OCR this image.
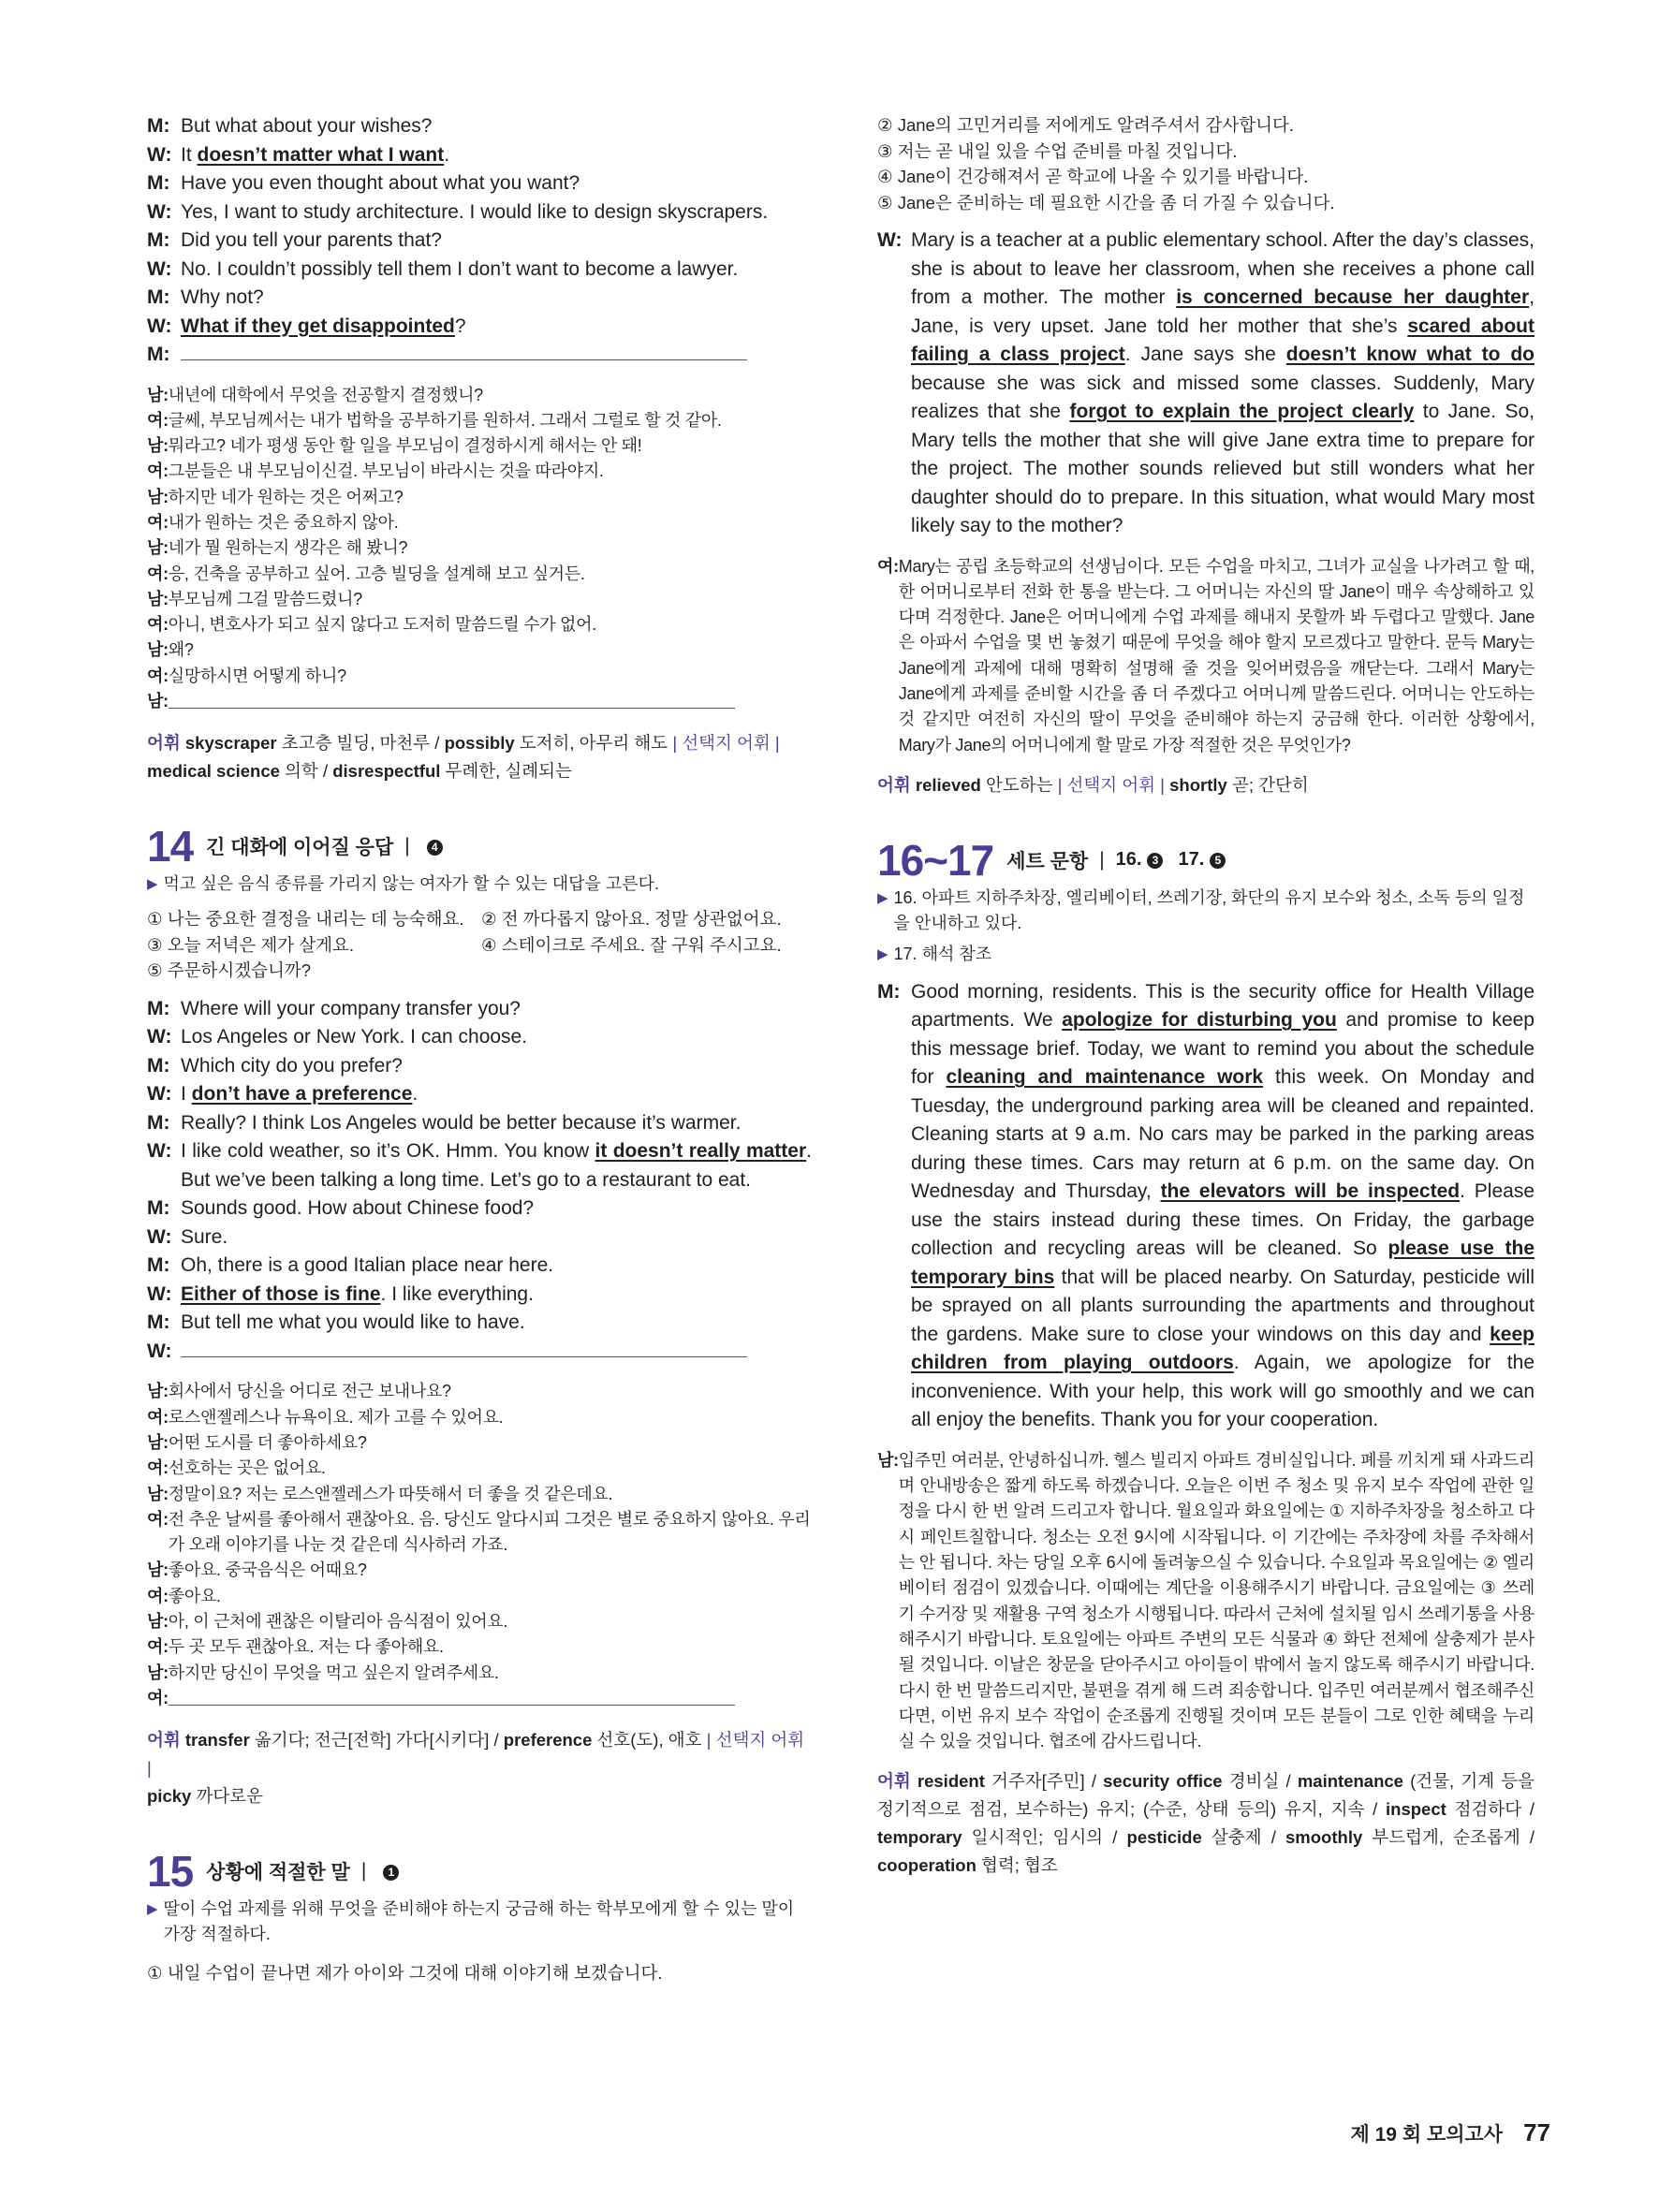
M: But what about your wishes?
W: It doesn’t matter what I want.
M: Have you even thought about what you want?
W: Yes, I want to study architecture. I would like to design skyscrapers.
M: Did you tell your parents that?
W: No. I couldn’t possibly tell them I don’t want to become a lawyer.
M: Why not?
W: What if they get disappointed?
M:
남: 내년에 대학에서 무엇을 전공할지 결정했니?
여: 글쎄, 부모님께서는 내가 법학을 공부하기를 원하셔. 그래서 그럴로 할 것 같아.
남: 뭐라고? 네가 평생 동안 할 일을 부모님이 결정하시게 해서는 안 돼!
여: 그분들은 내 부모님이신걸. 부모님이 바라시는 것을 따라야지.
남: 하지만 네가 원하는 것은 어쩌고?
여: 내가 원하는 것은 중요하지 않아.
남: 네가 뭘 원하는지 생각은 해 봤니?
여: 응, 건축을 공부하고 싶어. 고층 빌딩을 설계해 보고 싶거든.
남: 부모님께 그걸 말씀드렸니?
여: 아니, 변호사가 되고 싶지 않다고 도저히 말씀드릴 수가 없어.
남: 왜?
여: 실망하시면 어떻게 하니?
남:
어휘 skyscraper 초고층 빌딩, 마천루 / possibly 도저히, 아무리 해도 | 선택지 어휘 |
medical science 의학 / disrespectful 무례한, 실례되는
14 긴 대화에 이어질 응답 |	4
▶ 먹고 싶은 음식 종류를 가리지 않는 여자가 할 수 있는 대답을 고른다.
① 나는 중요한 결정을 내리는 데 능숙해요. ② 전 까다롭지 않아요. 정말 상관없어요.
③ 오늘 저녁은 제가 살게요.	④ 스테이크로 주세요. 잘 구워 주시고요.
⑤ 주문하시겠습니까?
M: Where will your company transfer you?
W: Los Angeles or New York. I can choose.
M: Which city do you prefer?
W: I don’t have a preference.
M: Really? I think Los Angeles would be better because it’s warmer.
W: I like cold weather, so it’s OK. Hmm. You know it doesn’t really matter. But we’ve been talking a long time. Let’s go to a restaurant to eat.
M: Sounds good. How about Chinese food?
W: Sure.
M: Oh, there is a good Italian place near here.
W: Either of those is fine. I like everything.
M: But tell me what you would like to have.
W:
남: 회사에서 당신을 어디로 전근 보내나요?
여: 로스앤젤레스나 뉴욕이요. 제가 고를 수 있어요.
남: 어떤 도시를 더 좋아하세요?
여: 선호하는 곳은 없어요.
남: 정말이요? 저는 로스앤젤레스가 따뜻해서 더 좋을 것 같은데요.
여: 전 추운 날씨를 좋아해서 괜찮아요. 음. 당신도 알다시피 그것은 별로 중요하지 않아요. 우리가 오래 이야기를 나눈 것 같은데 식사하러 가죠.
남: 좋아요. 중국음식은 어때요?
여: 좋아요.
남: 아, 이 근처에 괜찮은 이탈리아 음식점이 있어요.
여: 두 곳 모두 괜찮아요. 저는 다 좋아해요.
남: 하지만 당신이 무엇을 먹고 싶은지 알려주세요.
여:
어휘 transfer 옮기다; 전근[전학] 가다[시키다] / preference 선호(도), 애호 | 선택지 어휘 |
picky 까다로운
15 상황에 적절한 말 |	1
▶ 딸이 수업 과제를 위해 무엇을 준비해야 하는지 궁금해 하는 학부모에게 할 수 있는 말이 가장 적절하다.
① 내일 수업이 끝나면 제가 아이와 그것에 대해 이야기해 보겠습니다.
② Jane의 고민거리를 저에게도 알려주셔서 감사합니다.
③ 저는 곧 내일 있을 수업 준비를 마칠 것입니다.
④ Jane이 건강해져서 곧 학교에 나올 수 있기를 바랍니다.
⑤ Jane은 준비하는 데 필요한 시간을 좀 더 가질 수 있습니다.
W: Mary is a teacher at a public elementary school. After the day’s classes, she is about to leave her classroom, when she receives a phone call from a mother. The mother is concerned because her daughter, Jane, is very upset. Jane told her mother that she’s scared about failing a class project. Jane says she doesn’t know what to do because she was sick and missed some classes. Suddenly, Mary realizes that she forgot to explain the project clearly to Jane. So, Mary tells the mother that she will give Jane extra time to prepare for the project. The mother sounds relieved but still wonders what her daughter should do to prepare. In this situation, what would Mary most likely say to the mother?
여: Mary는 공립 초등학교의 선생님이다. 모든 수업을 마치고, 그녀가 교실을 나가려고 할 때, 한 어머니로부터 전화 한 통을 받는다. 그 어머니는 자신의 딸 Jane이 매우 속상해하고 있다며 걱정한다. Jane은 어머니에게 수업 과제를 해내지 못할까 봐 두렵다고 말했다. Jane은 아파서 수업을 몇 번 놓쳤기 때문에 무엇을 해야 할지 모르겠다고 말한다. 문득 Mary는 Jane에게 과제에 대해 명확히 설명해 줄 것을 잊어버렸음을 깨닫는다. 그래서 Mary는 Jane에게 과제를 준비할 시간을 좀 더 주겠다고 어머니께 말씀드린다. 어머니는 안도하는 것 같지만 여전히 자신의 딸이 무엇을 준비해야 하는지 궁금해 한다. 이러한 상황에서, Mary가 Jane의 어머니에게 할 말로 가장 적절한 것은 무엇인가?
어휘 relieved 안도하는 | 선택지 어휘 | shortly 곧; 간단히
16~17 세트 문항 | 16. 3 17. 5
▶ 16. 아파트 지하주차장, 엘리베이터, 쓰레기장, 화단의 유지 보수와 청소, 소독 등의 일정을 안내하고 있다.
▶ 17. 해석 참조
M: Good morning, residents. This is the security office for Health Village apartments. We apologize for disturbing you and promise to keep this message brief. Today, we want to remind you about the schedule for cleaning and maintenance work this week. On Monday and Tuesday, the underground parking area will be cleaned and repainted. Cleaning starts at 9 a.m. No cars may be parked in the parking areas during these times. Cars may return at 6 p.m. on the same day. On Wednesday and Thursday, the elevators will be inspected. Please use the stairs instead during these times. On Friday, the garbage collection and recycling areas will be cleaned. So please use the temporary bins that will be placed nearby. On Saturday, pesticide will be sprayed on all plants surrounding the apartments and throughout the gardens. Make sure to close your windows on this day and keep children from playing outdoors. Again, we apologize for the inconvenience. With your help, this work will go smoothly and we can all enjoy the benefits. Thank you for your cooperation.
남: 입주민 여러분, 안녕하십니까. 헬스 빌리지 아파트 경비실입니다. 폐를 끼치게 돼 사과드리며 안내방송은 짧게 하도록 하겠습니다. 오늘은 이번 주 청소 및 유지 보수 작업에 관한 일정을 다시 한 번 알려 드리고자 합니다. 월요일과 화요일에는 ① 지하주차장을 청소하고 다시 페인트칠합니다. 청소는 오전 9시에 시작됩니다. 이 기간에는 주차장에 차를 주차해서는 안 됩니다. 차는 당일 오후 6시에 돌려놓으실 수 있습니다. 수요일과 목요일에는 ② 엘리베이터 점검이 있겠습니다. 이때에는 계단을 이용해주시기 바랍니다. 금요일에는 ③ 쓰레기 수거장 및 재활용 구역 청소가 시행됩니다. 따라서 근처에 설치될 임시 쓰레기통을 사용해주시기 바랍니다. 토요일에는 아파트 주변의 모든 식물과 ④ 화단 전체에 살충제가 분사될 것입니다. 이날은 창문을 닫아주시고 아이들이 밖에서 놀지 않도록 해주시기 바랍니다. 다시 한 번 말씀드리지만, 불편을 겪게 해 드려 죄송합니다. 입주민 여러분께서 협조해주신다면, 이번 유지 보수 작업이 순조롭게 진행될 것이며 모든 분들이 그로 인한 혜택을 누리실 수 있을 것입니다. 협조에 감사드립니다.
어휘 resident 거주자[주민] / security office 경비실 / maintenance (건물, 기계 등을 정기적으로 점검, 보수하는) 유지; (수준, 상태 등의) 유지, 지속 / inspect 점검하다 / temporary 일시적인; 임시의 / pesticide 살충제 / smoothly 부드럽게, 순조롭게 / cooperation 협력; 협조
제 19 회 모의고사 77
